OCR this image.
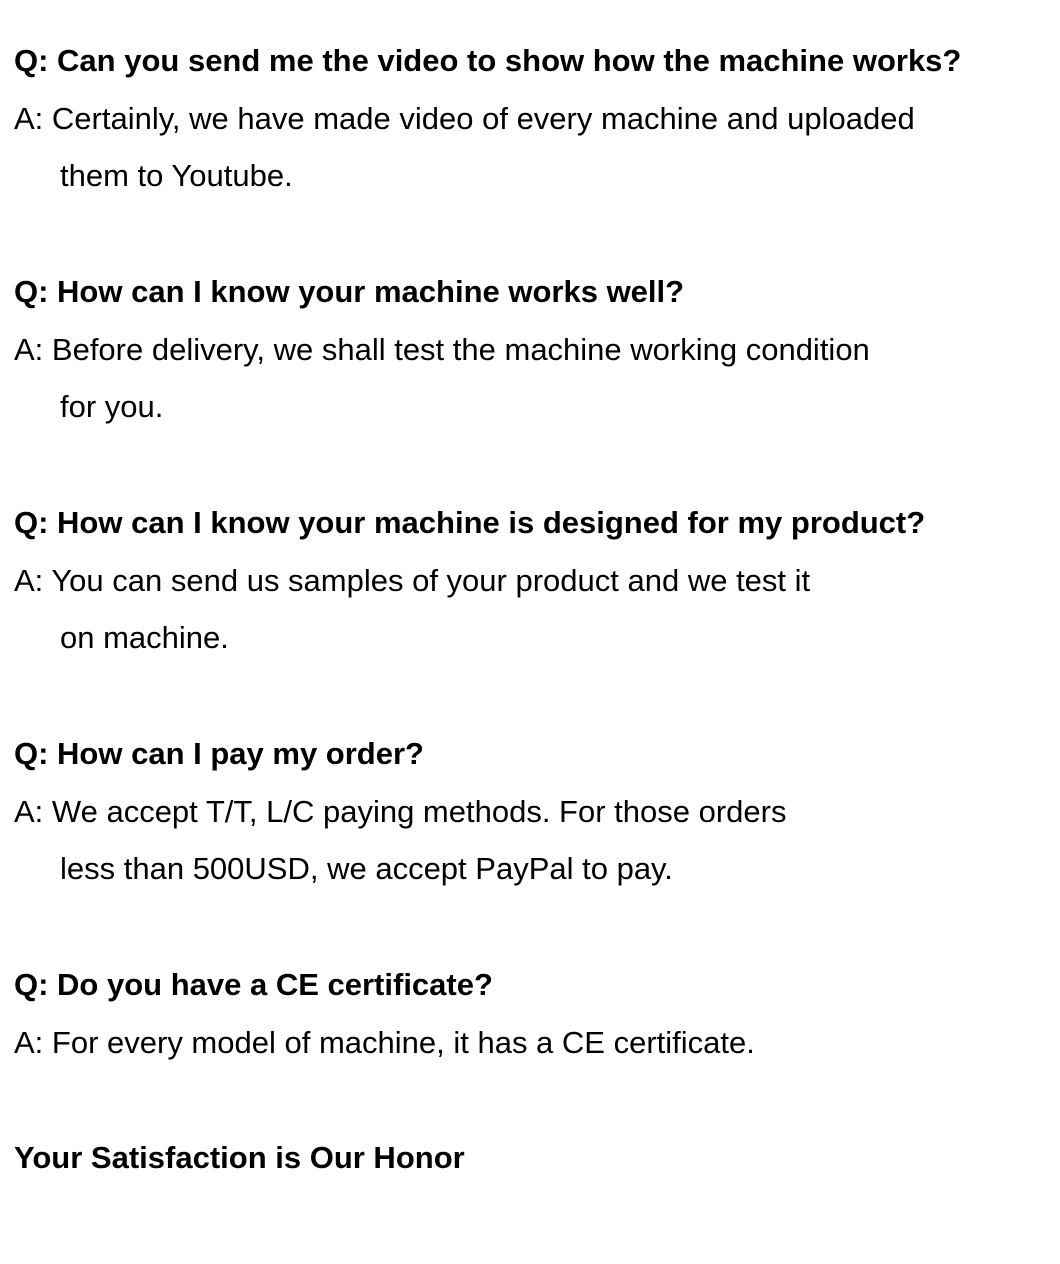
Q: Can you send me the video to show how the machine works?
A: Certainly, we have made video of every machine and uploaded
them to Youtube.
Q: How can I know your machine works well?
A: Before delivery, we shall test the machine working condition
for you.
Q: How can I know your machine is designed for my product?
A: You can send us samples of your product and we test it
on machine.
Q: How can I pay my order?
A: We accept T/T, L/C paying methods. For those orders
less than 500USD, we accept PayPal to pay.
Q: Do you have a CE certificate?
A: For every model of machine, it has a CE certificate.
Your Satisfaction is Our Honor
